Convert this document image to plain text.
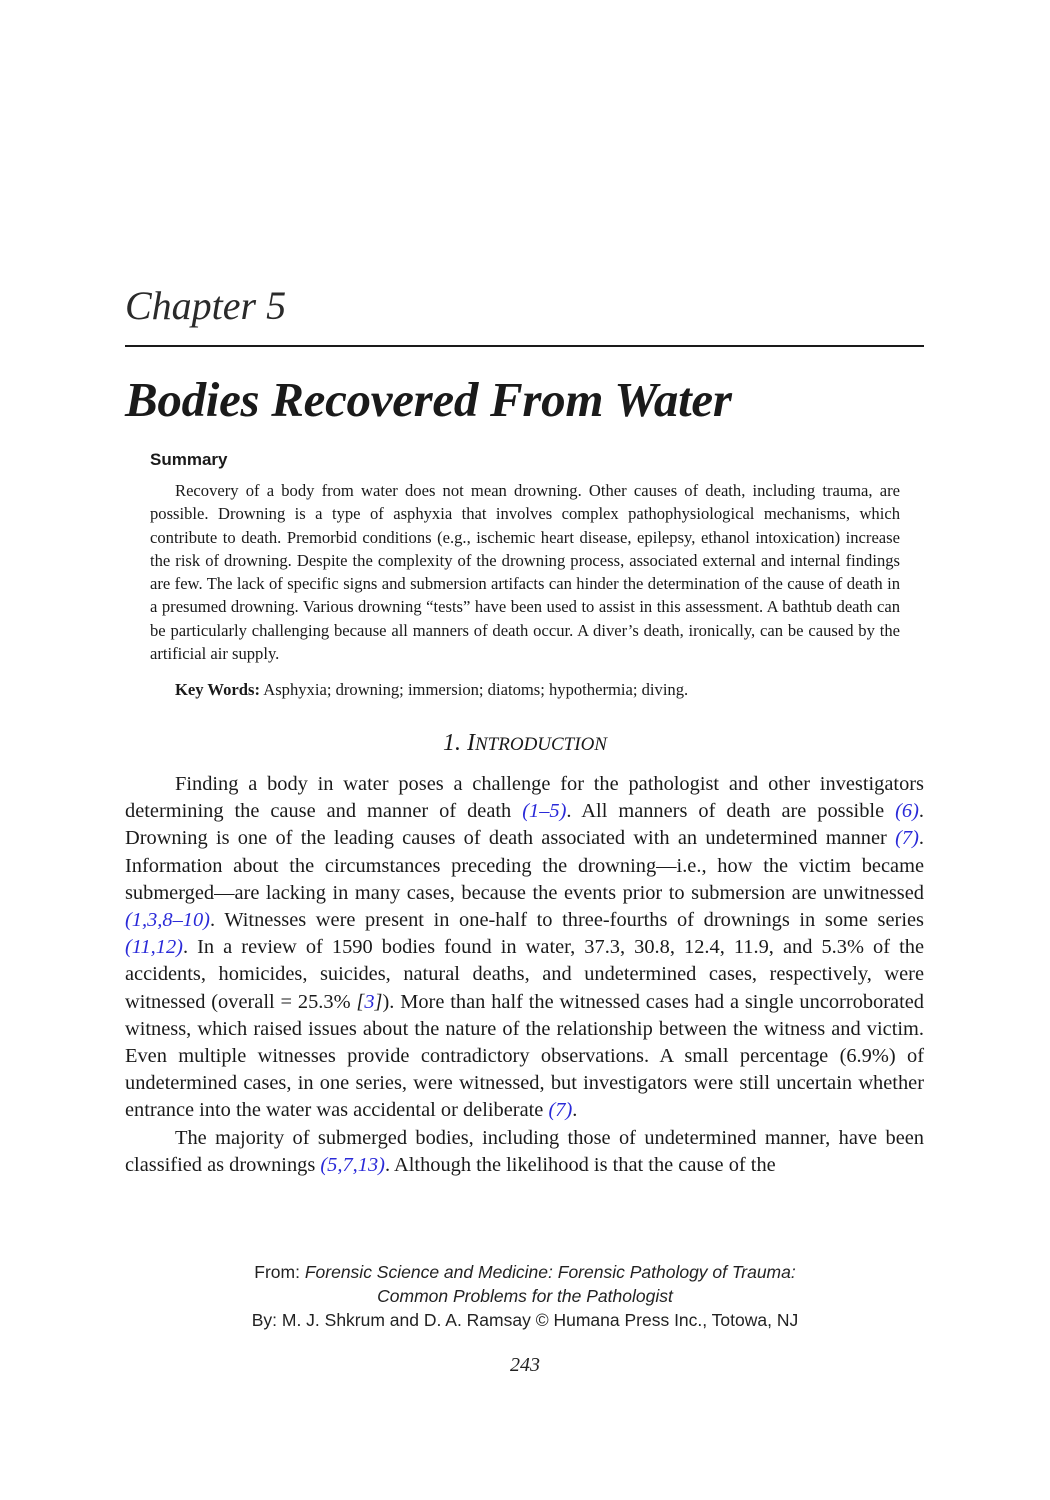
Chapter 5
Bodies Recovered From Water
Summary

Recovery of a body from water does not mean drowning. Other causes of death, including trauma, are possible. Drowning is a type of asphyxia that involves complex pathophysiological mechanisms, which contribute to death. Premorbid conditions (e.g., ischemic heart disease, epilepsy, ethanol intoxication) increase the risk of drowning. Despite the complexity of the drowning process, associated external and internal findings are few. The lack of specific signs and submersion artifacts can hinder the determination of the cause of death in a presumed drowning. Various drowning “tests” have been used to assist in this assessment. A bathtub death can be particularly challenging because all manners of death occur. A diver’s death, ironically, can be caused by the artificial air supply.

Key Words: Asphyxia; drowning; immersion; diatoms; hypothermia; diving.

1. INTRODUCTION

Finding a body in water poses a challenge for the pathologist and other investigators determining the cause and manner of death (1–5). All manners of death are possible (6). Drowning is one of the leading causes of death associated with an undetermined manner (7). Information about the circumstances preceding the drowning—i.e., how the victim became submerged—are lacking in many cases, because the events prior to submersion are unwitnessed (1,3,8–10). Witnesses were present in one-half to three-fourths of drownings in some series (11,12). In a review of 1590 bodies found in water, 37.3, 30.8, 12.4, 11.9, and 5.3% of the accidents, homicides, suicides, natural deaths, and undetermined cases, respectively, were witnessed (overall = 25.3% [3]). More than half the witnessed cases had a single uncorroborated witness, which raised issues about the nature of the relationship between the witness and victim. Even multiple witnesses provide contradictory observations. A small percentage (6.9%) of undetermined cases, in one series, were witnessed, but investigators were still uncertain whether entrance into the water was accidental or deliberate (7).

The majority of submerged bodies, including those of undetermined manner, have been classified as drownings (5,7,13). Although the likelihood is that the cause of the

From: Forensic Science and Medicine: Forensic Pathology of Trauma:
Common Problems for the Pathologist
By: M. J. Shkrum and D. A. Ramsay © Humana Press Inc., Totowa, NJ
243
